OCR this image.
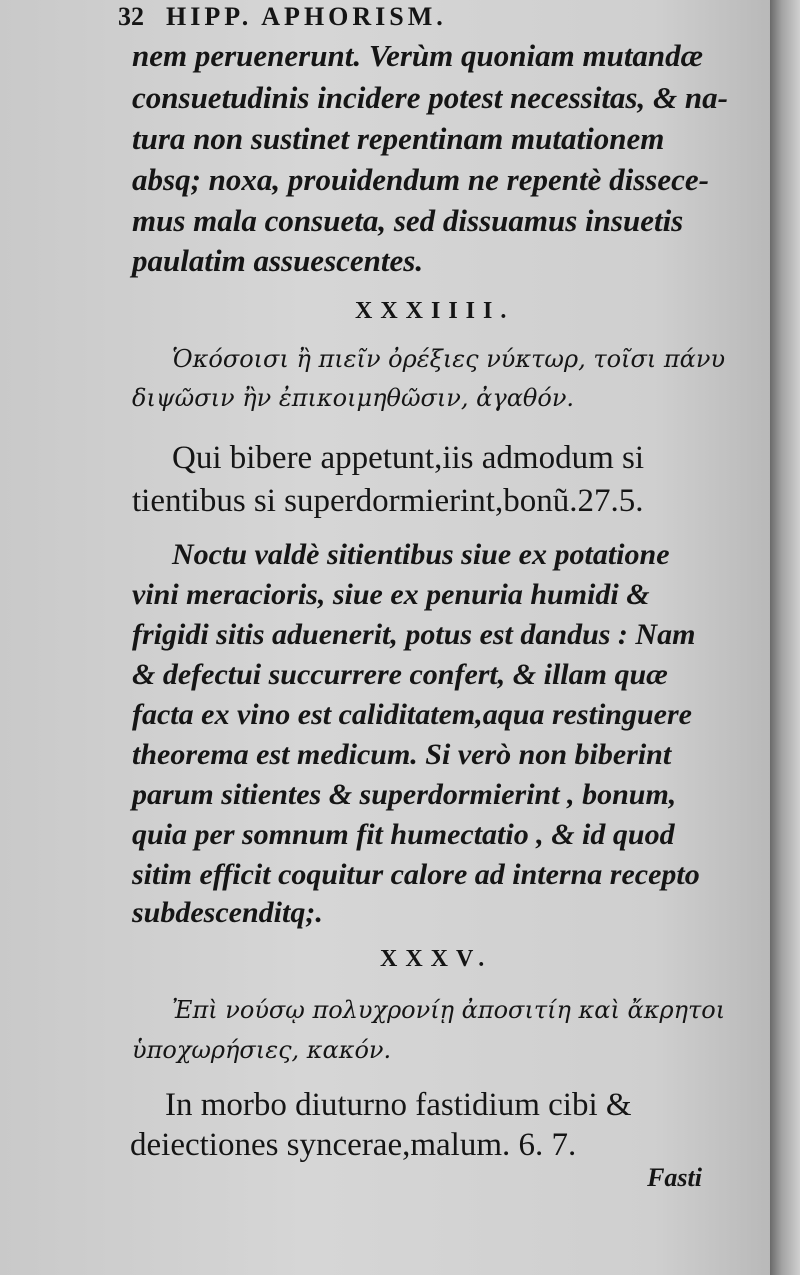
32 HIPP. APHORISM.
nem peruenerunt. Verùm quoniam mutandæ
consuetudinis incidere potest necessitas, & na-
tura non sustinet repentinam mutationem
absq; noxa, prouidendum ne repentè dissece-
mus mala consueta, sed dissuamus insuetis
paulatim assuescentes.
XXXIIII.
Ὁκόσοισι ἢ πιεῖν ὀρέξιες νύκτωρ, τοῖσι πάνυ
διψῶσιν ἢν ἐπικοιμηθῶσιν, ἀγαθόν.
Qui bibere appetunt,iis admodum si
tientibus si superdormierint,bonũ.27.5.
Noctu valdè sitientibus siue ex potatione
vini meracioris, siue ex penuria humidi &
frigidi sitis aduenerit, potus est dandus : Nam
& defectui succurrere confert, & illam quæ
facta ex vino est caliditatem,aqua restinguere
theorema est medicum. Si verò non biberint
parum sitientes & superdormierint , bonum,
quia per somnum fit humectatio , & id quod
sitim efficit coquitur calore ad interna recepto
subdescenditq;.
XXXV.
Ἐπὶ νούσῳ πολυχρονίῃ ἀποσιτίη καὶ ἄκρητοι
ὑποχωρήσιες, κακόν.
In morbo diuturno fastidium cibi &
deiectiones syncerae,malum. 6. 7.
Fasti
